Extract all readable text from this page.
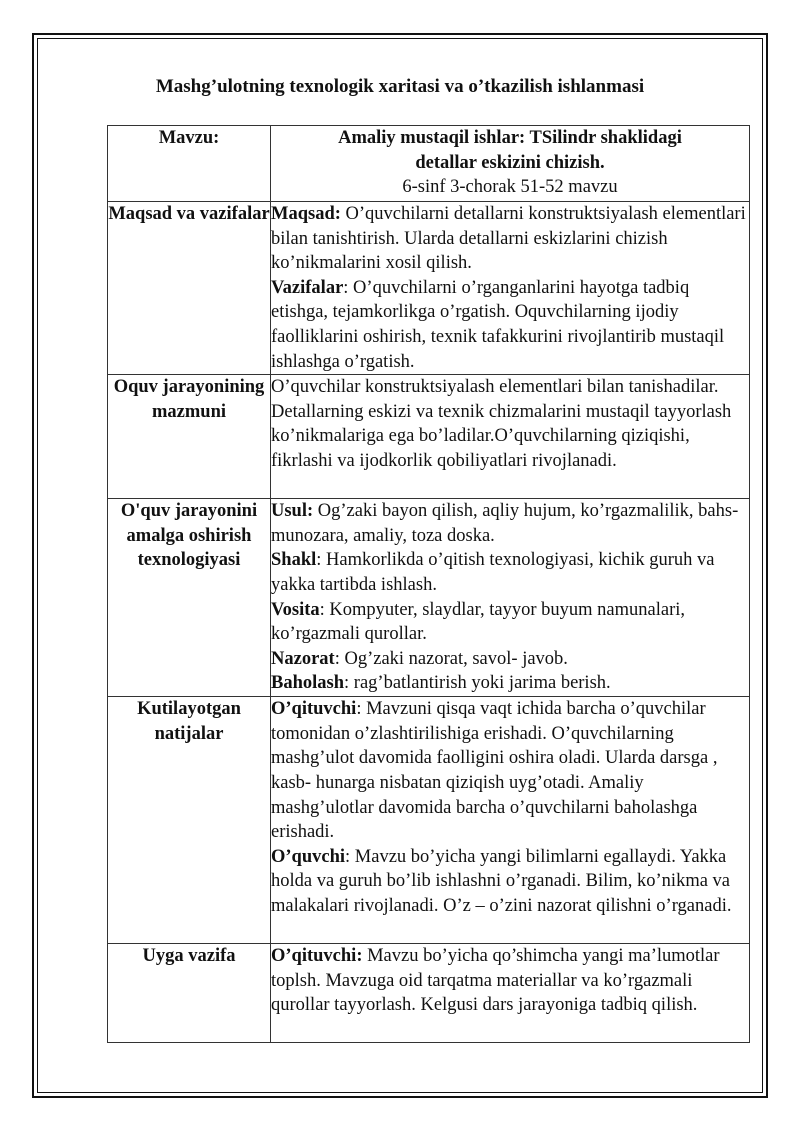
Mashg’ulotning texnologik xaritasi va o’tkazilish ishlanmasi
Mavzu:	Amaliy mustaqil ishlar: TSilindr shaklidagi
detallar eskizini chizish.
6-sinf 3-chorak 51-52 mavzu

Maqsad va vazifalar	Maqsad: O’quvchilarni detallarni konstruktsiyalash elementlari bilan tanishtirish. Ularda detallarni eskizlarini chizish ko’nikmalarini xosil qilish.
Vazifalar: O’quvchilarni o’rganganlarini hayotga tadbiq etishga, tejamkorlikga o’rgatish. Oquvchilarning ijodiy faolliklarini oshirish, texnik tafakkurini rivojlantirib mustaqil ishlashga o’rgatish.

Oquv jarayonining mazmuni	O’quvchilar konstruktsiyalash elementlari bilan tanishadilar. Detallarning eskizi va texnik chizmalarini mustaqil tayyorlash ko’nikmalariga ega bo’ladilar.O’quvchilarning qiziqishi, fikrlashi va ijodkorlik qobiliyatlari rivojlanadi.
O'quv jarayonini amalga oshirish texnologiyasi	Usul: Og’zaki bayon qilish, aqliy hujum, ko’rgazmalilik, bahs- munozara, amaliy, toza doska.
Shakl: Hamkorlikda o’qitish texnologiyasi, kichik guruh va yakka tartibda ishlash.
Vosita: Kompyuter, slaydlar, tayyor buyum namunalari, ko’rgazmali qurollar.
Nazorat: Og’zaki nazorat, savol- javob.
Baholash: rag’batlantirish yoki jarima berish.

Kutilayotgan natijalar	O’qituvchi: Mavzuni qisqa vaqt ichida barcha o’quvchilar tomonidan o’zlashtirilishiga erishadi. O’quvchilarning mashg’ulot davomida faolligini oshira oladi. Ularda darsga , kasb- hunarga nisbatan qiziqish uyg’otadi. Amaliy mashg’ulotlar davomida barcha o’quvchilarni baholashga erishadi.
O’quvchi: Mavzu bo’yicha yangi bilimlarni egallaydi. Yakka holda va guruh bo’lib ishlashni o’rganadi. Bilim, ko’nikma va malakalari rivojlanadi. O’z – o’zini nazorat qilishni o’rganadi.

Uyga vazifa	O’qituvchi: Mavzu bo’yicha qo’shimcha yangi ma’lumotlar toplsh. Mavzuga oid tarqatma materiallar va ko’rgazmali qurollar tayyorlash. Kelgusi dars jarayoniga tadbiq qilish.
